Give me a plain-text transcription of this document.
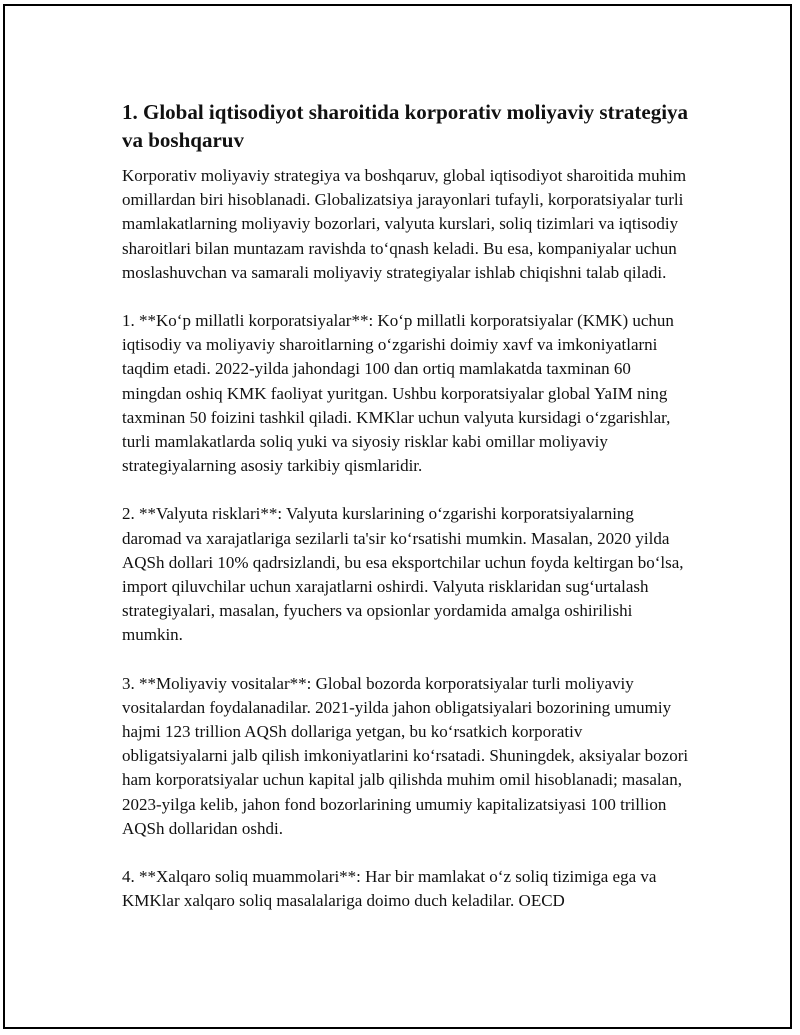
1. Global iqtisodiyot sharoitida korporativ moliyaviy strategiya va boshqaruv

Korporativ moliyaviy strategiya va boshqaruv, global iqtisodiyot sharoitida muhim omillardan biri hisoblanadi. Globalizatsiya jarayonlari tufayli, korporatsiyalar turli mamlakatlarning moliyaviy bozorlari, valyuta kurslari, soliq tizimlari va iqtisodiy sharoitlari bilan muntazam ravishda to‘qnash keladi. Bu esa, kompaniyalar uchun moslashuvchan va samarali moliyaviy strategiyalar ishlab chiqishni talab qiladi.

1. **Ko‘p millatli korporatsiyalar**: Ko‘p millatli korporatsiyalar (KMK) uchun iqtisodiy va moliyaviy sharoitlarning o‘zgarishi doimiy xavf va imkoniyatlarni taqdim etadi. 2022-yilda jahondagi 100 dan ortiq mamlakatda taxminan 60 mingdan oshiq KMK faoliyat yuritgan. Ushbu korporatsiyalar global YaIM ning taxminan 50 foizini tashkil qiladi. KMKlar uchun valyuta kursidagi o‘zgarishlar, turli mamlakatlarda soliq yuki va siyosiy risklar kabi omillar moliyaviy strategiyalarning asosiy tarkibiy qismlaridir.

2. **Valyuta risklari**: Valyuta kurslarining o‘zgarishi korporatsiyalarning daromad va xarajatlariga sezilarli ta'sir ko‘rsatishi mumkin. Masalan, 2020 yilda AQSh dollari 10% qadrsizlandi, bu esa eksportchilar uchun foyda keltirgan bo‘lsa, import qiluvchilar uchun xarajatlarni oshirdi. Valyuta risklaridan sug‘urtalash strategiyalari, masalan, fyuchers va opsionlar yordamida amalga oshirilishi mumkin.

3. **Moliyaviy vositalar**: Global bozorda korporatsiyalar turli moliyaviy vositalardan foydalanadilar. 2021-yilda jahon obligatsiyalari bozorining umumiy hajmi 123 trillion AQSh dollariga yetgan, bu ko‘rsatkich korporativ obligatsiyalarni jalb qilish imkoniyatlarini ko‘rsatadi. Shuningdek, aksiyalar bozori ham korporatsiyalar uchun kapital jalb qilishda muhim omil hisoblanadi; masalan, 2023-yilga kelib, jahon fond bozorlarining umumiy kapitalizatsiyasi 100 trillion AQSh dollaridan oshdi.

4. **Xalqaro soliq muammolari**: Har bir mamlakat o‘z soliq tizimiga ega va KMKlar xalqaro soliq masalalariga doimo duch keladilar. OECD
